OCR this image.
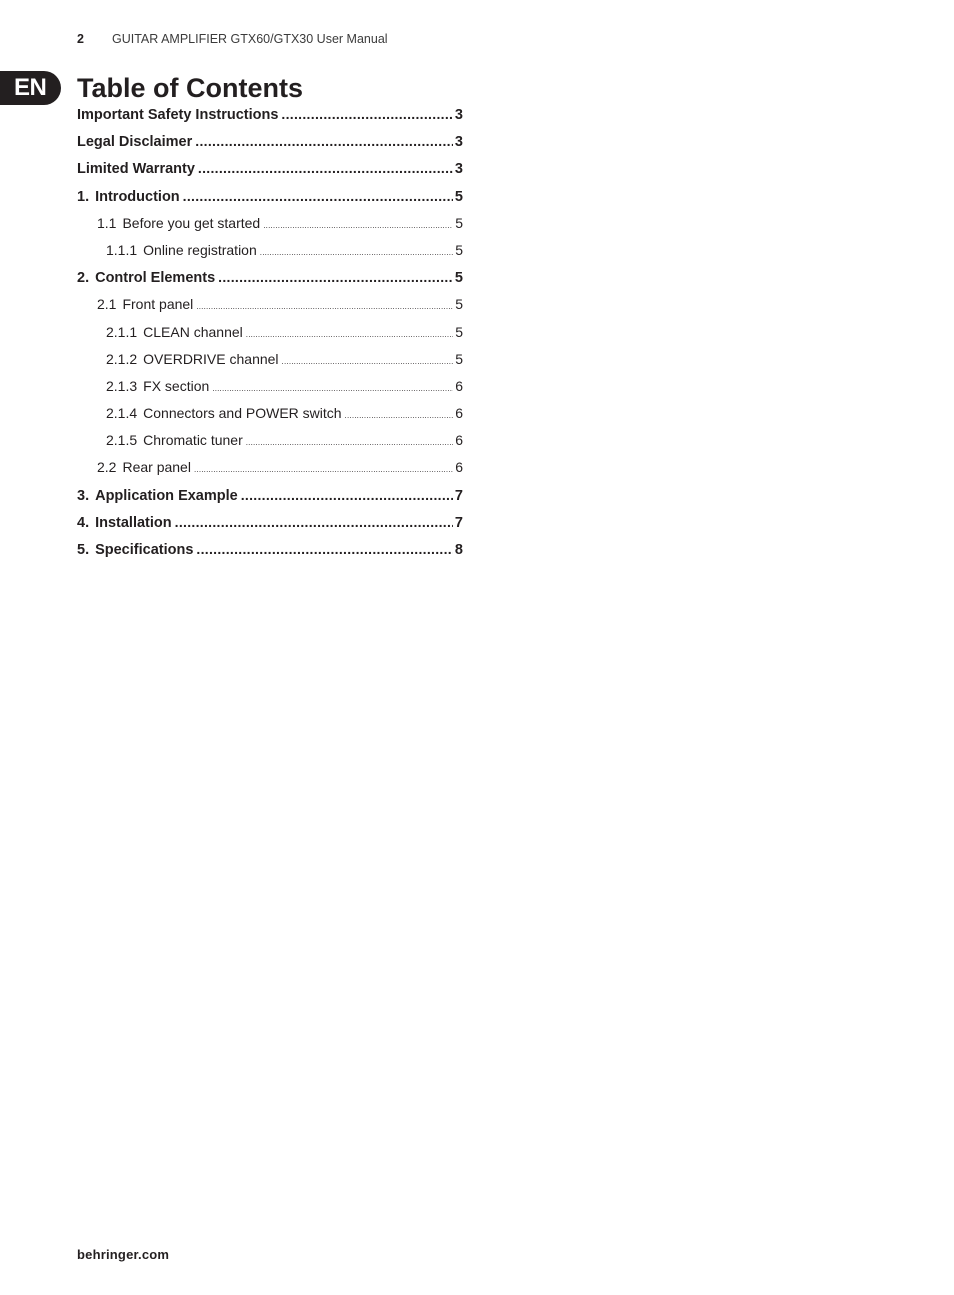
2 GUITAR AMPLIFIER GTX60/GTX30 User Manual
EN	Table of Contents
Important Safety Instructions .....	3
Legal Disclaimer .....	3
Limited Warranty .....	3
1. Introduction .....	5
1.1 Before you get started .....	5
1.1.1 Online registration .....	5
2. Control Elements .....	5
2.1 Front panel .....	5
2.1.1 CLEAN channel .....	5
2.1.2 OVERDRIVE channel .....	5
2.1.3 FX section .....	6
2.1.4 Connectors and POWER switch .....	6
2.1.5 Chromatic tuner .....	6
2.2 Rear panel .....	6
3. Application Example .....	7
4. Installation .....	7
5. Specifications .....	8
behringer.com
